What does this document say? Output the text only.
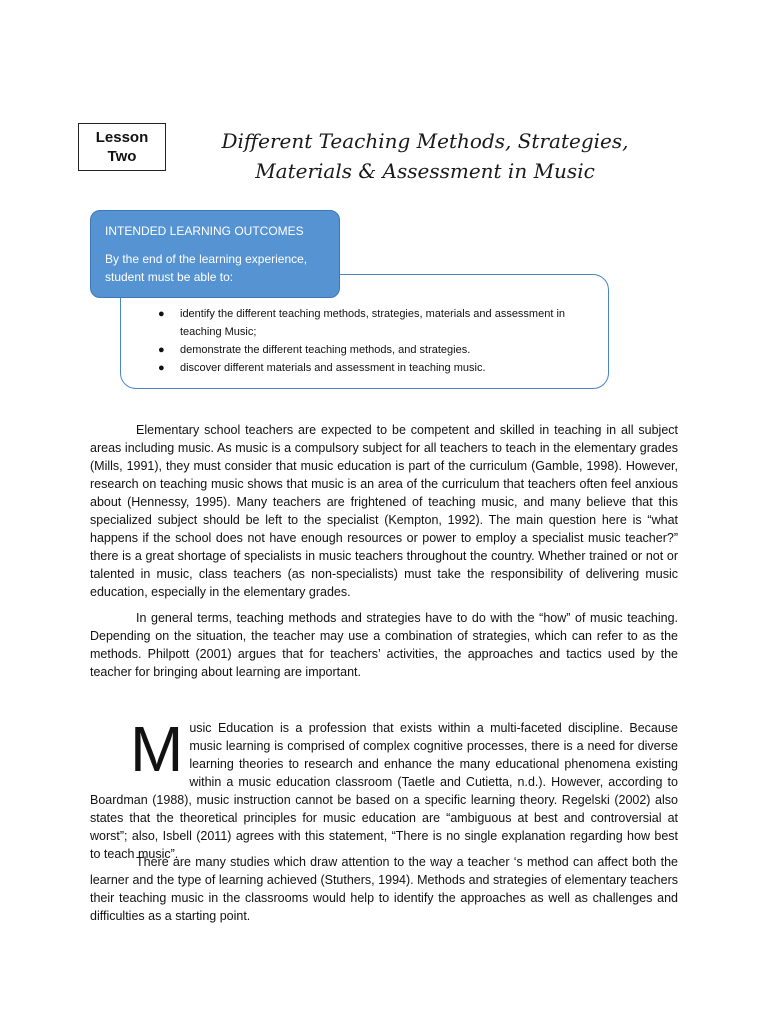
Lesson
Two
Different Teaching Methods, Strategies,
Materials & Assessment in Music
INTENDED LEARNING OUTCOMES
By the end of the learning experience, student must be able to:
● identify the different teaching methods, strategies, materials and assessment in teaching Music;
● demonstrate the different teaching methods, and strategies.
● discover different materials and assessment in teaching music.

Elementary school teachers are expected to be competent and skilled in teaching in all subject areas including music. As music is a compulsory subject for all teachers to teach in the elementary grades (Mills, 1991), they must consider that music education is part of the curriculum (Gamble, 1998). However, research on teaching music shows that music is an area of the curriculum that teachers often feel anxious about (Hennessy, 1995). Many teachers are frightened of teaching music, and many believe that this specialized subject should be left to the specialist (Kempton, 1992). The main question here is “what happens if the school does not have enough resources or power to employ a specialist music teacher?” there is a great shortage of specialists in music teachers throughout the country. Whether trained or not or talented in music, class teachers (as non-specialists) must take the responsibility of delivering music education, especially in the elementary grades.

In general terms, teaching methods and strategies have to do with the “how” of music teaching. Depending on the situation, the teacher may use a combination of strategies, which can refer to as the methods. Philpott (2001) argues that for teachers’ activities, the approaches and tactics used by the teacher for bringing about learning are important.

Music Education is a profession that exists within a multi-faceted discipline. Because music learning is comprised of complex cognitive processes, there is a need for diverse learning theories to research and enhance the many educational phenomena existing within a music education classroom (Taetle and Cutietta, n.d.). However, according to Boardman (1988), music instruction cannot be based on a specific learning theory. Regelski (2002) also states that the theoretical principles for music education are “ambiguous at best and controversial at worst”; also, Isbell (2011) agrees with this statement, “There is no single explanation regarding how best to teach music”.

There are many studies which draw attention to the way a teacher ‘s method can affect both the learner and the type of learning achieved (Stuthers, 1994). Methods and strategies of elementary teachers their teaching music in the classrooms would help to identify the approaches as well as challenges and difficulties as a starting point.
